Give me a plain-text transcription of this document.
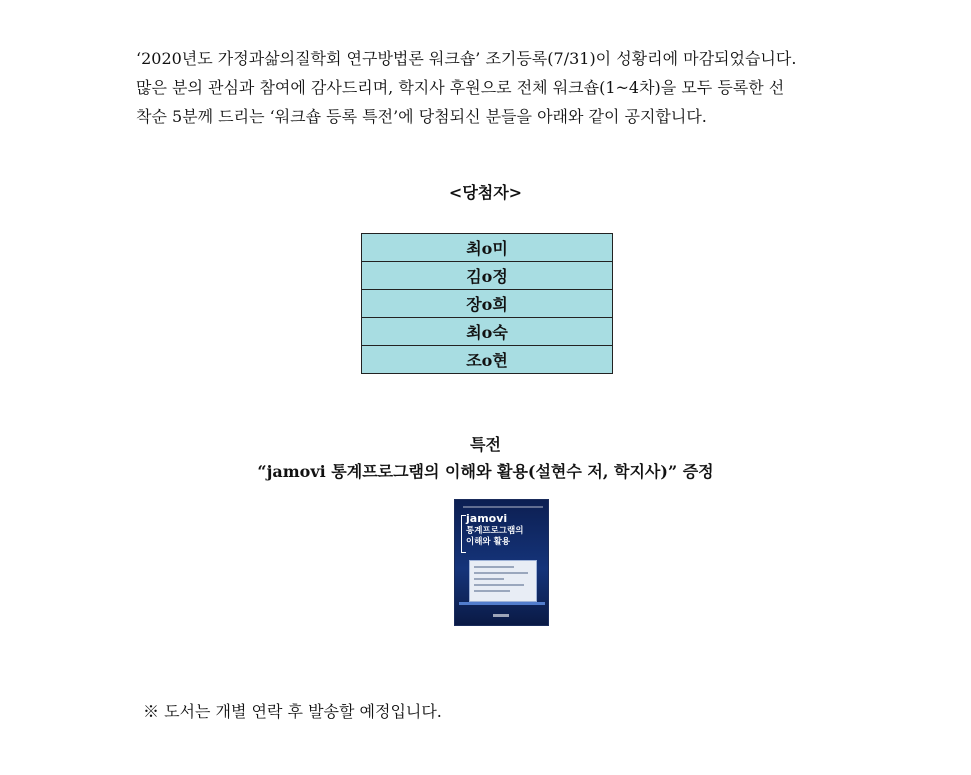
‘2020년도 가정과삶의질학회 연구방법론 워크숍’ 조기등록(7/31)이 성황리에 마감되었습니다.
많은 분의 관심과 참여에 감사드리며, 학지사 후원으로 전체 워크숍(1~4차)을 모두 등록한 선
착순 5분께 드리는 ‘워크숍 등록 특전’에 당첨되신 분들을 아래와 같이 공지합니다.

<당첨자>

최o미
김o정
장o희
최o숙
조o현

특전

“jamovi 통계프로그램의 이해와 활용(설현수 저, 학지사)” 증정

jamovi
통계프로그램의
이해와 활용

※ 도서는 개별 연락 후 발송할 예정입니다.
